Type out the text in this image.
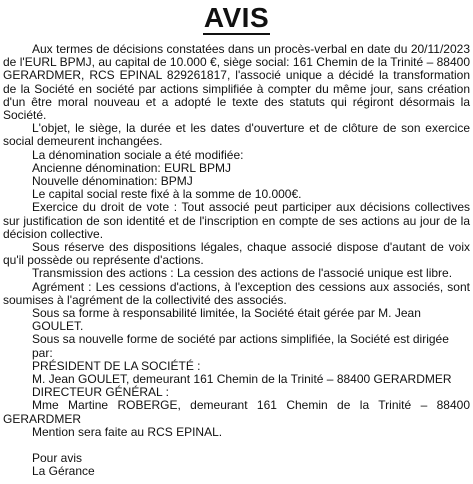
AVIS

Aux termes de décisions constatées dans un procès-verbal en date du 20/11/2023 de l'EURL BPMJ, au capital de 10.000 €, siège social: 161 Chemin de la Trinité – 88400 GERARDMER, RCS EPINAL 829261817, l'associé unique a décidé la transformation de la Société en société par actions simplifiée à compter du même jour, sans création d'un être moral nouveau et a adopté le texte des statuts qui régiront désormais la Société.

L'objet, le siège, la durée et les dates d'ouverture et de clôture de son exercice social demeurent inchangées.

La dénomination sociale a été modifiée:

Ancienne dénomination: EURL BPMJ

Nouvelle dénomination: BPMJ

Le capital social reste fixé à la somme de 10.000€.

Exercice du droit de vote : Tout associé peut participer aux décisions collectives sur justification de son identité et de l'inscription en compte de ses actions au jour de la décision collective.

Sous réserve des dispositions légales, chaque associé dispose d'autant de voix qu'il possède ou représente d'actions.

Transmission des actions : La cession des actions de l'associé unique est libre.

Agrément : Les cessions d'actions, à l'exception des cessions aux associés, sont soumises à l'agrément de la collectivité des associés.

Sous sa forme à responsabilité limitée, la Société était gérée par M. Jean GOULET.

Sous sa nouvelle forme de société par actions simplifiée, la Société est dirigée par:

PRÉSIDENT DE LA SOCIÉTÉ :

M. Jean GOULET, demeurant 161 Chemin de la Trinité – 88400 GERARDMER

DIRECTEUR GÉNÉRAL :

Mme Martine ROBERGE, demeurant 161 Chemin de la Trinité – 88400 GERARDMER

Mention sera faite au RCS EPINAL.

Pour avis

La Gérance
